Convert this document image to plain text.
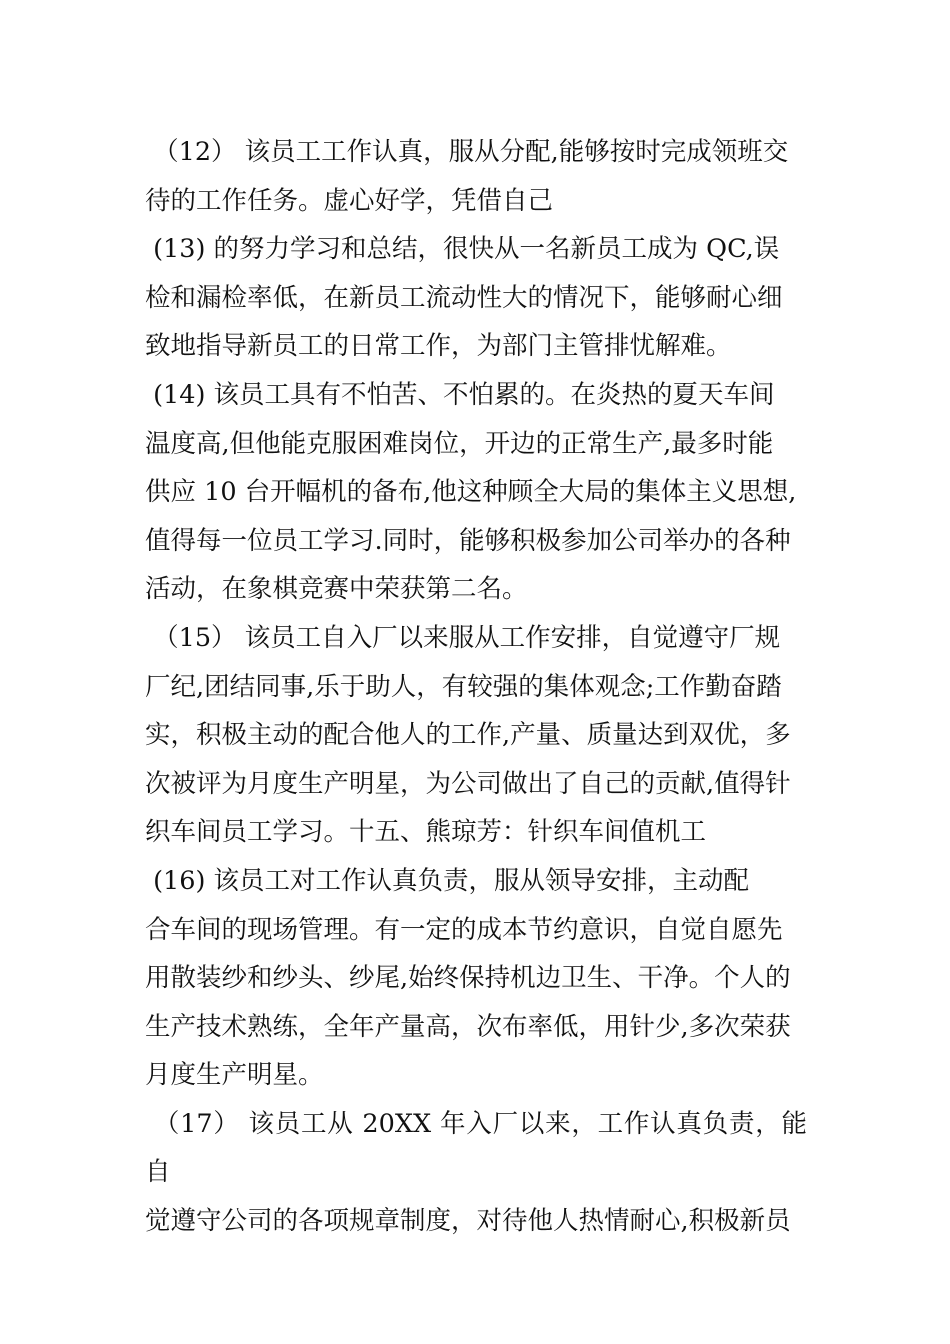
（12） 该员工工作认真，服从分配,能够按时完成领班交
待的工作任务。虚心好学，凭借自己
(13) 的努力学习和总结，很快从一名新员工成为 QC,误
检和漏检率低，在新员工流动性大的情况下，能够耐心细
致地指导新员工的日常工作，为部门主管排忧解难。
(14) 该员工具有不怕苦、不怕累的。在炎热的夏天车间
温度高,但他能克服困难岗位，开边的正常生产,最多时能
供应 10 台开幅机的备布,他这种顾全大局的集体主义思想,
值得每一位员工学习.同时，能够积极参加公司举办的各种
活动，在象棋竞赛中荣获第二名。
（15） 该员工自入厂以来服从工作安排，自觉遵守厂规
厂纪,团结同事,乐于助人，有较强的集体观念;工作勤奋踏
实，积极主动的配合他人的工作,产量、质量达到双优，多
次被评为月度生产明星，为公司做出了自己的贡献,值得针
织车间员工学习。十五、熊琼芳：针织车间值机工
(16) 该员工对工作认真负责，服从领导安排，主动配
合车间的现场管理。有一定的成本节约意识，自觉自愿先
用散装纱和纱头、纱尾,始终保持机边卫生、干净。个人的
生产技术熟练，全年产量高，次布率低，用针少,多次荣获
月度生产明星。
（17） 该员工从 20XX 年入厂以来，工作认真负责，能自
觉遵守公司的各项规章制度，对待他人热情耐心,积极新员
